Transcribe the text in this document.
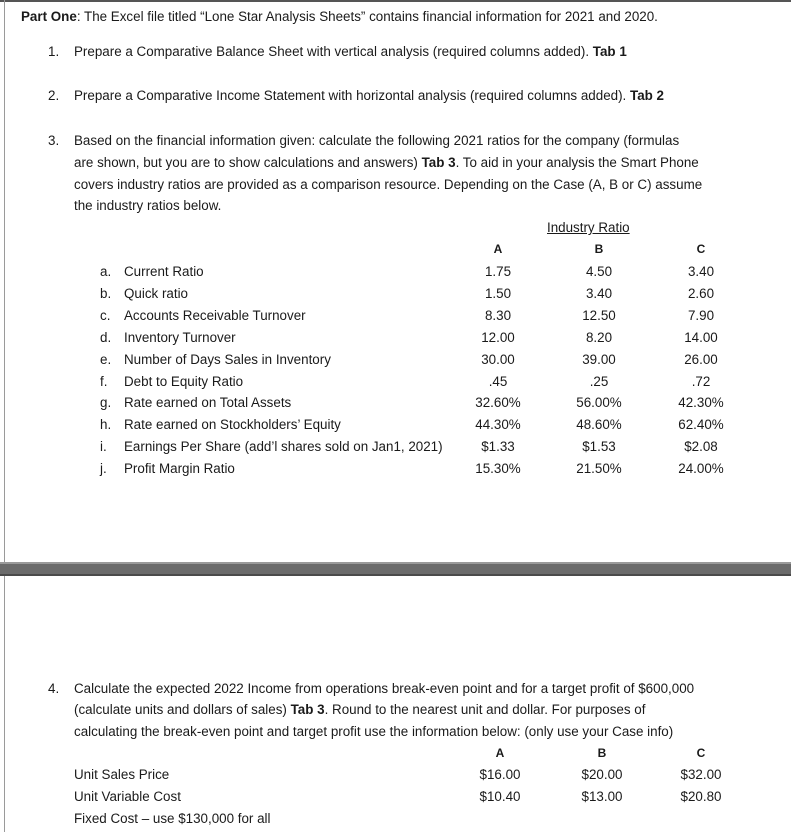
Part One: The Excel file titled “Lone Star Analysis Sheets” contains financial information for 2021 and 2020.
1. Prepare a Comparative Balance Sheet with vertical analysis (required columns added). Tab 1
2. Prepare a Comparative Income Statement with horizontal analysis (required columns added). Tab 2
3. Based on the financial information given: calculate the following 2021 ratios for the company (formulas
are shown, but you are to show calculations and answers) Tab 3. To aid in your analysis the Smart Phone
covers industry ratios are provided as a comparison resource. Depending on the Case (A, B or C) assume
the industry ratios below.
Industry Ratio
A	B	C
a. Current Ratio	1.75	4.50	3.40
b. Quick ratio	1.50	3.40	2.60
c. Accounts Receivable Turnover	8.30	12.50	7.90
d. Inventory Turnover	12.00	8.20	14.00
e. Number of Days Sales in Inventory	30.00	39.00	26.00
f. Debt to Equity Ratio	.45	.25	.72
g. Rate earned on Total Assets	32.60%	56.00%	42.30%
h. Rate earned on Stockholders’ Equity	44.30%	48.60%	62.40%
i. Earnings Per Share (add’l shares sold on Jan1, 2021)	$1.33	$1.53	$2.08
j. Profit Margin Ratio	15.30%	21.50%	24.00%
4. Calculate the expected 2022 Income from operations break-even point and for a target profit of $600,000
(calculate units and dollars of sales) Tab 3. Round to the nearest unit and dollar. For purposes of
calculating the break-even point and target profit use the information below: (only use your Case info)
A	B	C
Unit Sales Price	$16.00	$20.00	$32.00
Unit Variable Cost	$10.40	$13.00	$20.80
Fixed Cost – use $130,000 for all
